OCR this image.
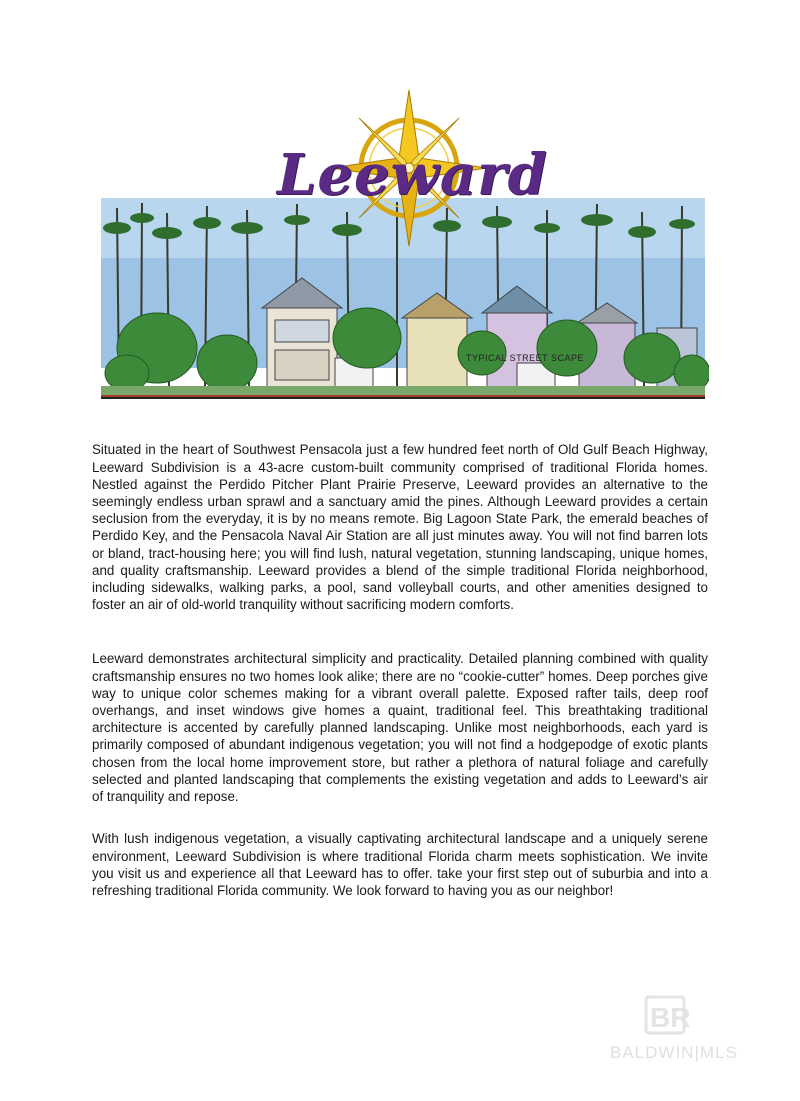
Leeward
TYPICAL STREET SCAPE

Situated in the heart of Southwest Pensacola just a few hundred feet north of Old Gulf Beach Highway, Leeward Subdivision is a 43-acre custom-built community comprised of traditional Florida homes. Nestled against the Perdido Pitcher Plant Prairie Preserve, Leeward provides an alternative to the seemingly endless urban sprawl and a sanctuary amid the pines. Although Leeward provides a certain seclusion from the everyday, it is by no means remote. Big Lagoon State Park, the emerald beaches of Perdido Key, and the Pensacola Naval Air Station are all just minutes away. You will not find barren lots or bland, tract-housing here; you will find lush, natural vegetation, stunning landscaping, unique homes, and quality craftsmanship. Leeward provides a blend of the simple traditional Florida neighborhood, including sidewalks, walking parks, a pool, sand volleyball courts, and other amenities designed to foster an air of old-world tranquility without sacrificing modern comforts.

Leeward demonstrates architectural simplicity and practicality. Detailed planning combined with quality craftsmanship ensures no two homes look alike; there are no “cookie-cutter” homes. Deep porches give way to unique color schemes making for a vibrant overall palette. Exposed rafter tails, deep roof overhangs, and inset windows give homes a quaint, traditional feel. This breathtaking traditional architecture is accented by carefully planned landscaping. Unlike most neighborhoods, each yard is primarily composed of abundant indigenous vegetation; you will not find a hodgepodge of exotic plants chosen from the local home improvement store, but rather a plethora of natural foliage and carefully selected and planted landscaping that complements the existing vegetation and adds to Leeward’s air of tranquility and repose.

With lush indigenous vegetation, a visually captivating architectural landscape and a uniquely serene environment, Leeward Subdivision is where traditional Florida charm meets sophistication. We invite you visit us and experience all that Leeward has to offer. take your first step out of suburbia and into a refreshing traditional Florida community. We look forward to having you as our neighbor!

BR
BALDWIN|MLS
